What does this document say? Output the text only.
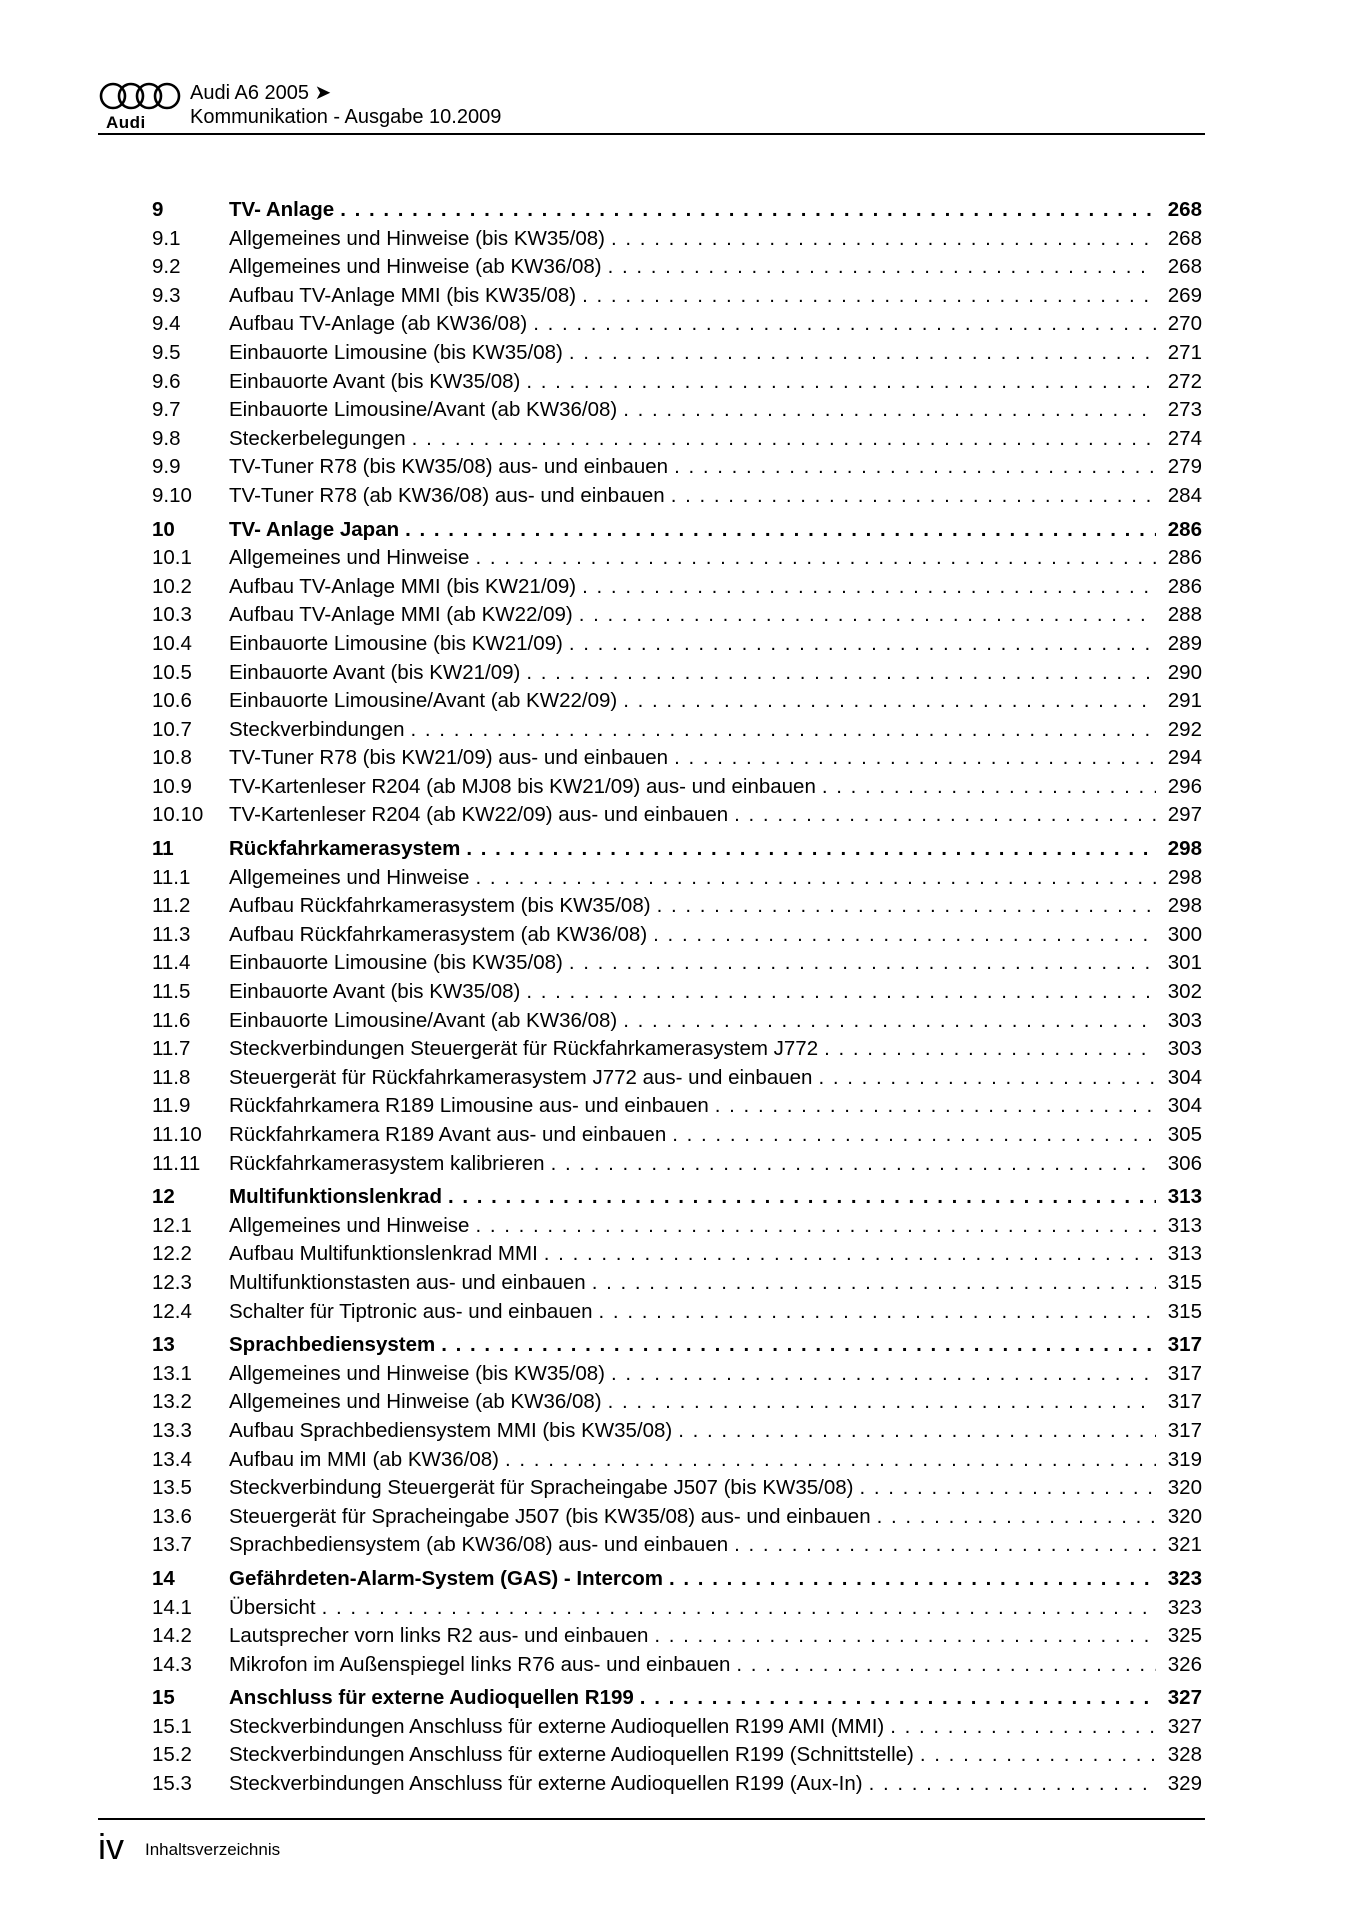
Audi
Audi A6 2005 ➤
Kommunikation - Ausgabe 10.2009
9	TV- Anlage . . .	268
9.1	Allgemeines und Hinweise (bis KW35/08) . . .	268
9.2	Allgemeines und Hinweise (ab KW36/08) . . .	268
9.3	Aufbau TV-Anlage MMI (bis KW35/08) . . .	269
9.4	Aufbau TV-Anlage (ab KW36/08) . . .	270
9.5	Einbauorte Limousine (bis KW35/08) . . .	271
9.6	Einbauorte Avant (bis KW35/08) . . .	272
9.7	Einbauorte Limousine/Avant (ab KW36/08) . . .	273
9.8	Steckerbelegungen . . .	274
9.9	TV-Tuner R78 (bis KW35/08) aus- und einbauen . . .	279
9.10	TV-Tuner R78 (ab KW36/08) aus- und einbauen . . .	284
10	TV- Anlage Japan . . .	286
10.1	Allgemeines und Hinweise . . .	286
10.2	Aufbau TV-Anlage MMI (bis KW21/09) . . .	286
10.3	Aufbau TV-Anlage MMI (ab KW22/09) . . .	288
10.4	Einbauorte Limousine (bis KW21/09) . . .	289
10.5	Einbauorte Avant (bis KW21/09) . . .	290
10.6	Einbauorte Limousine/Avant (ab KW22/09) . . .	291
10.7	Steckverbindungen . . .	292
10.8	TV-Tuner R78 (bis KW21/09) aus- und einbauen . . .	294
10.9	TV-Kartenleser R204 (ab MJ08 bis KW21/09) aus- und einbauen . . .	296
10.10	TV-Kartenleser R204 (ab KW22/09) aus- und einbauen . . .	297
11	Rückfahrkamerasystem . . .	298
11.1	Allgemeines und Hinweise . . .	298
11.2	Aufbau Rückfahrkamerasystem (bis KW35/08) . . .	298
11.3	Aufbau Rückfahrkamerasystem (ab KW36/08) . . .	300
11.4	Einbauorte Limousine (bis KW35/08) . . .	301
11.5	Einbauorte Avant (bis KW35/08) . . .	302
11.6	Einbauorte Limousine/Avant (ab KW36/08) . . .	303
11.7	Steckverbindungen Steuergerät für Rückfahrkamerasystem J772 . . .	303
11.8	Steuergerät für Rückfahrkamerasystem J772 aus- und einbauen . . .	304
11.9	Rückfahrkamera R189 Limousine aus- und einbauen . . .	304
11.10	Rückfahrkamera R189 Avant aus- und einbauen . . .	305
11.11	Rückfahrkamerasystem kalibrieren . . .	306
12	Multifunktionslenkrad . . .	313
12.1	Allgemeines und Hinweise . . .	313
12.2	Aufbau Multifunktionslenkrad MMI . . .	313
12.3	Multifunktionstasten aus- und einbauen . . .	315
12.4	Schalter für Tiptronic aus- und einbauen . . .	315
13	Sprachbediensystem . . .	317
13.1	Allgemeines und Hinweise (bis KW35/08) . . .	317
13.2	Allgemeines und Hinweise (ab KW36/08) . . .	317
13.3	Aufbau Sprachbediensystem MMI (bis KW35/08) . . .	317
13.4	Aufbau im MMI (ab KW36/08) . . .	319
13.5	Steckverbindung Steuergerät für Spracheingabe J507 (bis KW35/08) . . .	320
13.6	Steuergerät für Spracheingabe J507 (bis KW35/08) aus- und einbauen . . .	320
13.7	Sprachbediensystem (ab KW36/08) aus- und einbauen . . .	321
14	Gefährdeten-Alarm-System (GAS) - Intercom . . .	323
14.1	Übersicht . . .	323
14.2	Lautsprecher vorn links R2 aus- und einbauen . . .	325
14.3	Mikrofon im Außenspiegel links R76 aus- und einbauen . . .	326
15	Anschluss für externe Audioquellen R199 . . .	327
15.1	Steckverbindungen Anschluss für externe Audioquellen R199 AMI (MMI) . . .	327
15.2	Steckverbindungen Anschluss für externe Audioquellen R199 (Schnittstelle) . . .	328
15.3	Steckverbindungen Anschluss für externe Audioquellen R199 (Aux-In) . . .	329
iv Inhaltsverzeichnis
